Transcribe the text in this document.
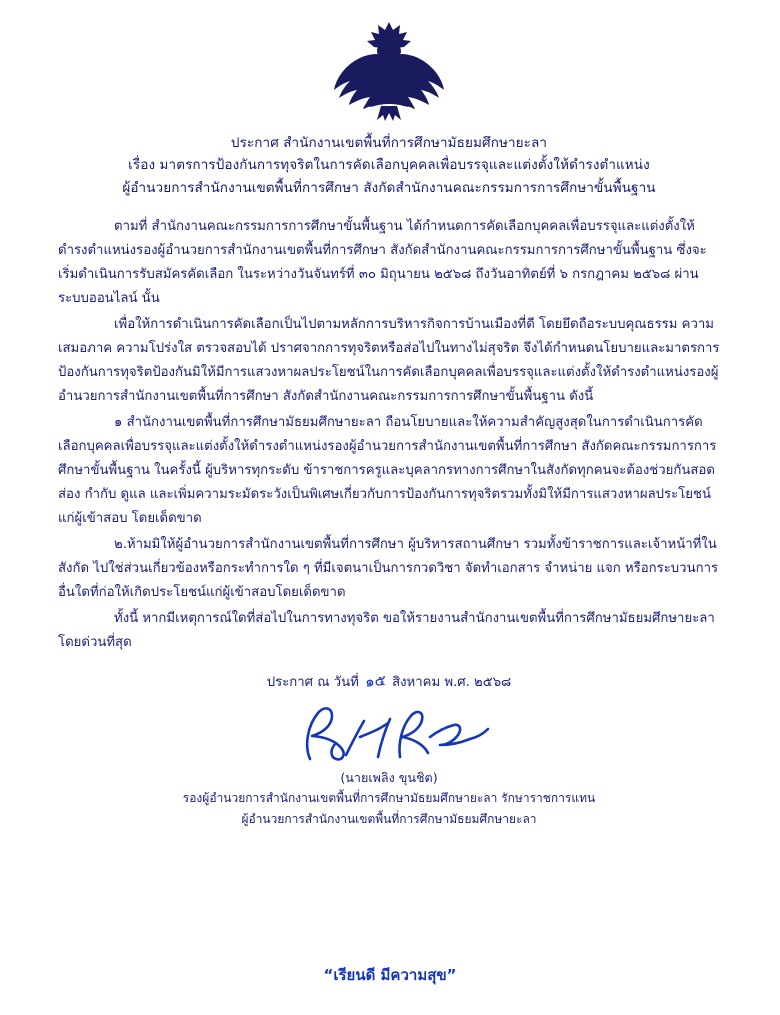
ประกาศ สำนักงานเขตพื้นที่การศึกษามัธยมศึกษายะลา
เรื่อง มาตรการป้องกันการทุจริตในการคัดเลือกบุคคลเพื่อบรรจุและแต่งตั้งให้ดำรงตำแหน่ง
ผู้อำนวยการสำนักงานเขตพื้นที่การศึกษา สังกัดสำนักงานคณะกรรมการการศึกษาขั้นพื้นฐาน
ตามที่ สำนักงานคณะกรรมการการศึกษาขั้นพื้นฐาน ได้กำหนดการคัดเลือกบุคคลเพื่อบรรจุและแต่งตั้งให้ดำรงตำแหน่งรองผู้อำนวยการสำนักงานเขตพื้นที่การศึกษา สังกัดสำนักงานคณะกรรมการการศึกษาขั้นพื้นฐาน ซึ่งจะเริ่มดำเนินการรับสมัครคัดเลือก ในระหว่างวันจันทร์ที่ ๓๐ มิถุนายน ๒๕๖๘ ถึงวันอาทิตย์ที่ ๖ กรกฎาคม ๒๕๖๘ ผ่านระบบออนไลน์ นั้น
เพื่อให้การดำเนินการคัดเลือกเป็นไปตามหลักการบริหารกิจการบ้านเมืองที่ดี โดยยึดถือระบบคุณธรรม ความเสมอภาค ความโปร่งใส ตรวจสอบได้ ปราศจากการทุจริตหรือส่อไปในทางไม่สุจริต จึงได้กำหนดนโยบายและมาตรการป้องกันการทุจริตป้องกันมิให้มีการแสวงหาผลประโยชน์ในการคัดเลือกบุคคลเพื่อบรรจุและแต่งตั้งให้ดำรงตำแหน่งรองผู้อำนวยการสำนักงานเขตพื้นที่การศึกษา สังกัดสำนักงานคณะกรรมการการศึกษาขั้นพื้นฐาน ดังนี้
๑ สำนักงานเขตพื้นที่การศึกษามัธยมศึกษายะลา ถือนโยบายและให้ความสำคัญสูงสุดในการดำเนินการคัดเลือกบุคคลเพื่อบรรจุและแต่งตั้งให้ดำรงตำแหน่งรองผู้อำนวยการสำนักงานเขตพื้นที่การศึกษา สังกัดคณะกรรมการการศึกษาขั้นพื้นฐาน ในครั้งนี้ ผู้บริหารทุกระดับ ข้าราชการครูและบุคลากรทางการศึกษาในสังกัดทุกคนจะต้องช่วยกันสอดส่อง กำกับ ดูแล และเพิ่มความระมัดระวังเป็นพิเศษเกี่ยวกับการป้องกันการทุจริตรวมทั้งมิให้มีการแสวงหาผลประโยชน์แก่ผู้เข้าสอบ โดยเด็ดขาด
๒.ห้ามมิให้ผู้อำนวยการสำนักงานเขตพื้นที่การศึกษา ผู้บริหารสถานศึกษา รวมทั้งข้าราชการและเจ้าหน้าที่ในสังกัด ไปใช่ส่วนเกี่ยวข้องหรือกระทำการใด ๆ ที่มีเจตนาเป็นการกวดวิชา จัดทำเอกสาร จำหน่าย แจก หรือกระบวนการอื่นใดที่ก่อให้เกิดประโยชน์แก่ผู้เข้าสอบโดยเด็ดขาด
ทั้งนี้ หากมีเหตุการณ์ใดที่ส่อไปในการทางทุจริต ขอให้รายงานสำนักงานเขตพื้นที่การศึกษามัธยมศึกษายะลา โดยด่วนที่สุด
ประกาศ ณ วันที่ ๑๕ สิงหาคม พ.ศ. ๒๕๖๘
(นายเพลิง ขุนชิต)
รองผู้อำนวยการสำนักงานเขตพื้นที่การศึกษามัธยมศึกษายะลา รักษาราชการแทน
ผู้อำนวยการสำนักงานเขตพื้นที่การศึกษามัธยมศึกษายะลา
“เรียนดี มีความสุข”
